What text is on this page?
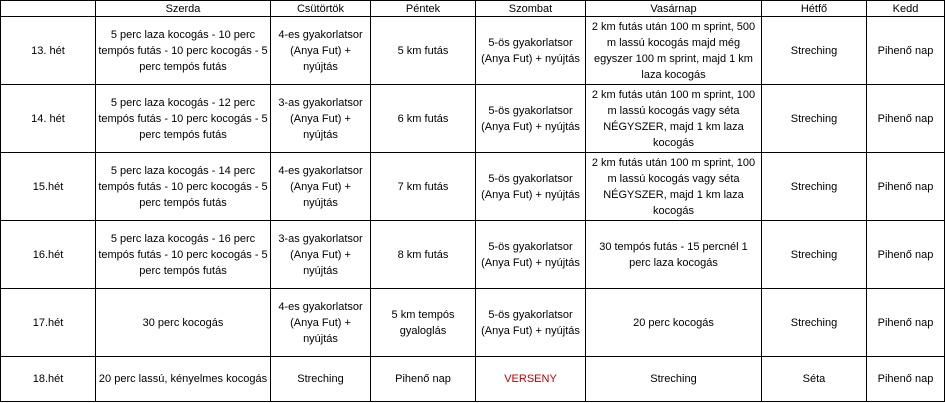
	Szerda	Csütörtök	Péntek	Szombat	Vasárnap	Hétfő	Kedd
13. hét	5 perc laza kocogás - 10 perc tempós futás - 10 perc kocogás - 5 perc tempós futás	4-es gyakorlatsor (Anya Fut) + nyújtás	5 km futás	5-ös gyakorlatsor (Anya Fut) + nyújtás	2 km futás után 100 m sprint, 500 m lassú kocogás majd még egyszer 100 m sprint, majd 1 km laza kocogás	Streching	Pihenő nap
14. hét	5 perc laza kocogás - 12 perc tempós futás - 10 perc kocogás - 5 perc tempós futás	3-as gyakorlatsor (Anya Fut) + nyújtás	6 km futás	5-ös gyakorlatsor (Anya Fut) + nyújtás	2 km futás után 100 m sprint, 100 m lassú kocogás vagy séta NÉGYSZER, majd 1 km laza kocogás	Streching	Pihenő nap
15.hét	5 perc laza kocogás - 14 perc tempós futás - 10 perc kocogás - 5 perc tempós futás	4-es gyakorlatsor (Anya Fut) + nyújtás	7 km futás	5-ös gyakorlatsor (Anya Fut) + nyújtás	2 km futás után 100 m sprint, 100 m lassú kocogás vagy séta NÉGYSZER, majd 1 km laza kocogás	Streching	Pihenő nap
16.hét	5 perc laza kocogás - 16 perc tempós futás - 10 perc kocogás - 5 perc tempós futás	3-as gyakorlatsor (Anya Fut) + nyújtás	8 km futás	5-ös gyakorlatsor (Anya Fut) + nyújtás	30 tempós futás - 15 percnél 1 perc laza kocogás	Streching	Pihenő nap
17.hét	30 perc kocogás	4-es gyakorlatsor (Anya Fut) + nyújtás	5 km tempós gyaloglás	5-ös gyakorlatsor (Anya Fut) + nyújtás	20 perc kocogás	Streching	Pihenő nap
18.hét	20 perc lassú, kényelmes kocogás	Streching	Pihenő nap	VERSENY	Streching	Séta	Pihenő nap
